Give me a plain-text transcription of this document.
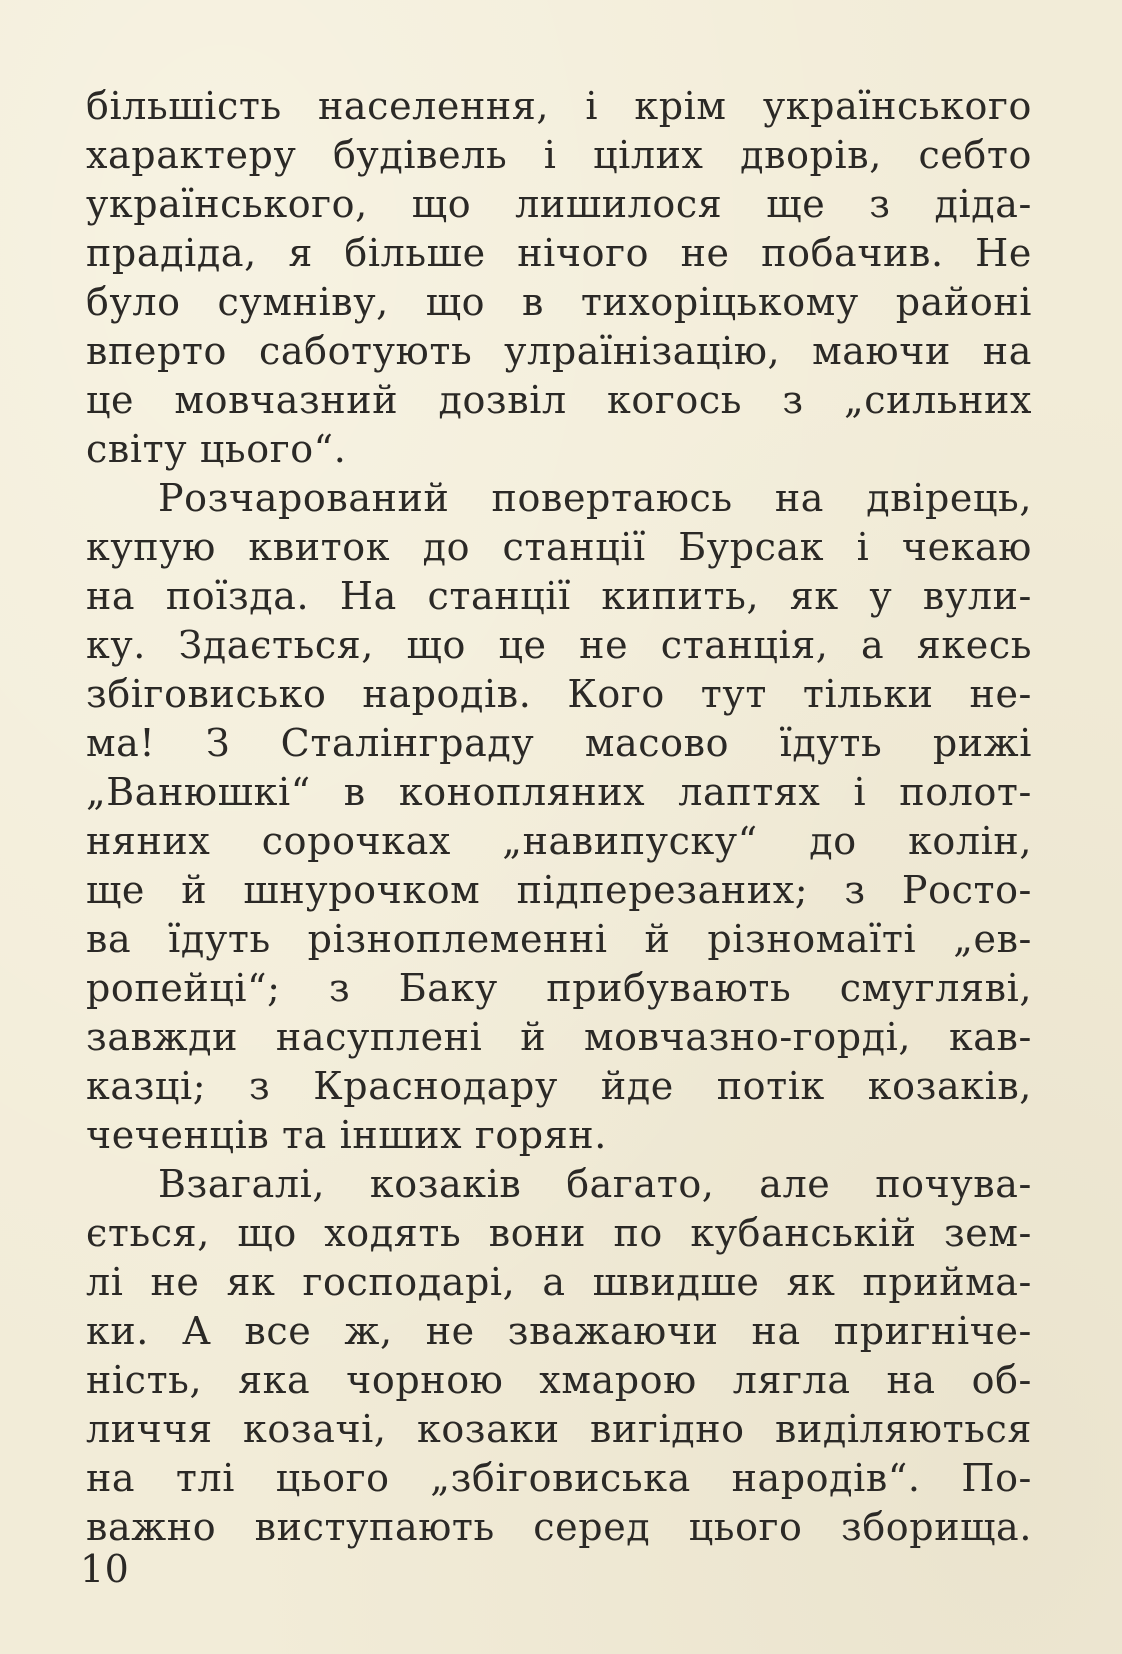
більшість населення, і крім українського
характеру будівель і цілих дворів, себто
українського, що лишилося ще з діда-
прадіда, я більше нічого не побачив. Не
було сумніву, що в тихоріцькому районі
вперто саботують улраїнізацію, маючи на
це мовчазний дозвіл когось з „сильних
світу цього“.
Розчарований повертаюсь на двірець,
купую квиток до станції Бурсак і чекаю
на поїзда. На станції кипить, як у вули-
ку. Здається, що це не станція, а якесь
збіговисько народів. Кого тут тільки не-
ма! З Сталінграду масово їдуть рижі
„Ванюшкі“ в конопляних лаптях і полот-
няних сорочках „навипуску“ до колін,
ще й шнурочком підперезаних; з Росто-
ва їдуть різноплеменні й різномаїті „ев-
ропейці“; з Баку прибувають смугляві,
завжди насуплені й мовчазно-горді, кав-
казці; з Краснодару йде потік козаків,
чеченців та інших горян.
Взагалі, козаків багато, але почува-
ється, що ходять вони по кубанській зем-
лі не як господарі, а швидше як прийма-
ки. А все ж, не зважаючи на пригніче-
ність, яка чорною хмарою лягла на об-
личчя козачі, козаки вигідно виділяються
на тлі цього „збіговиська народів“. По-
важно виступають серед цього зборища.
10
